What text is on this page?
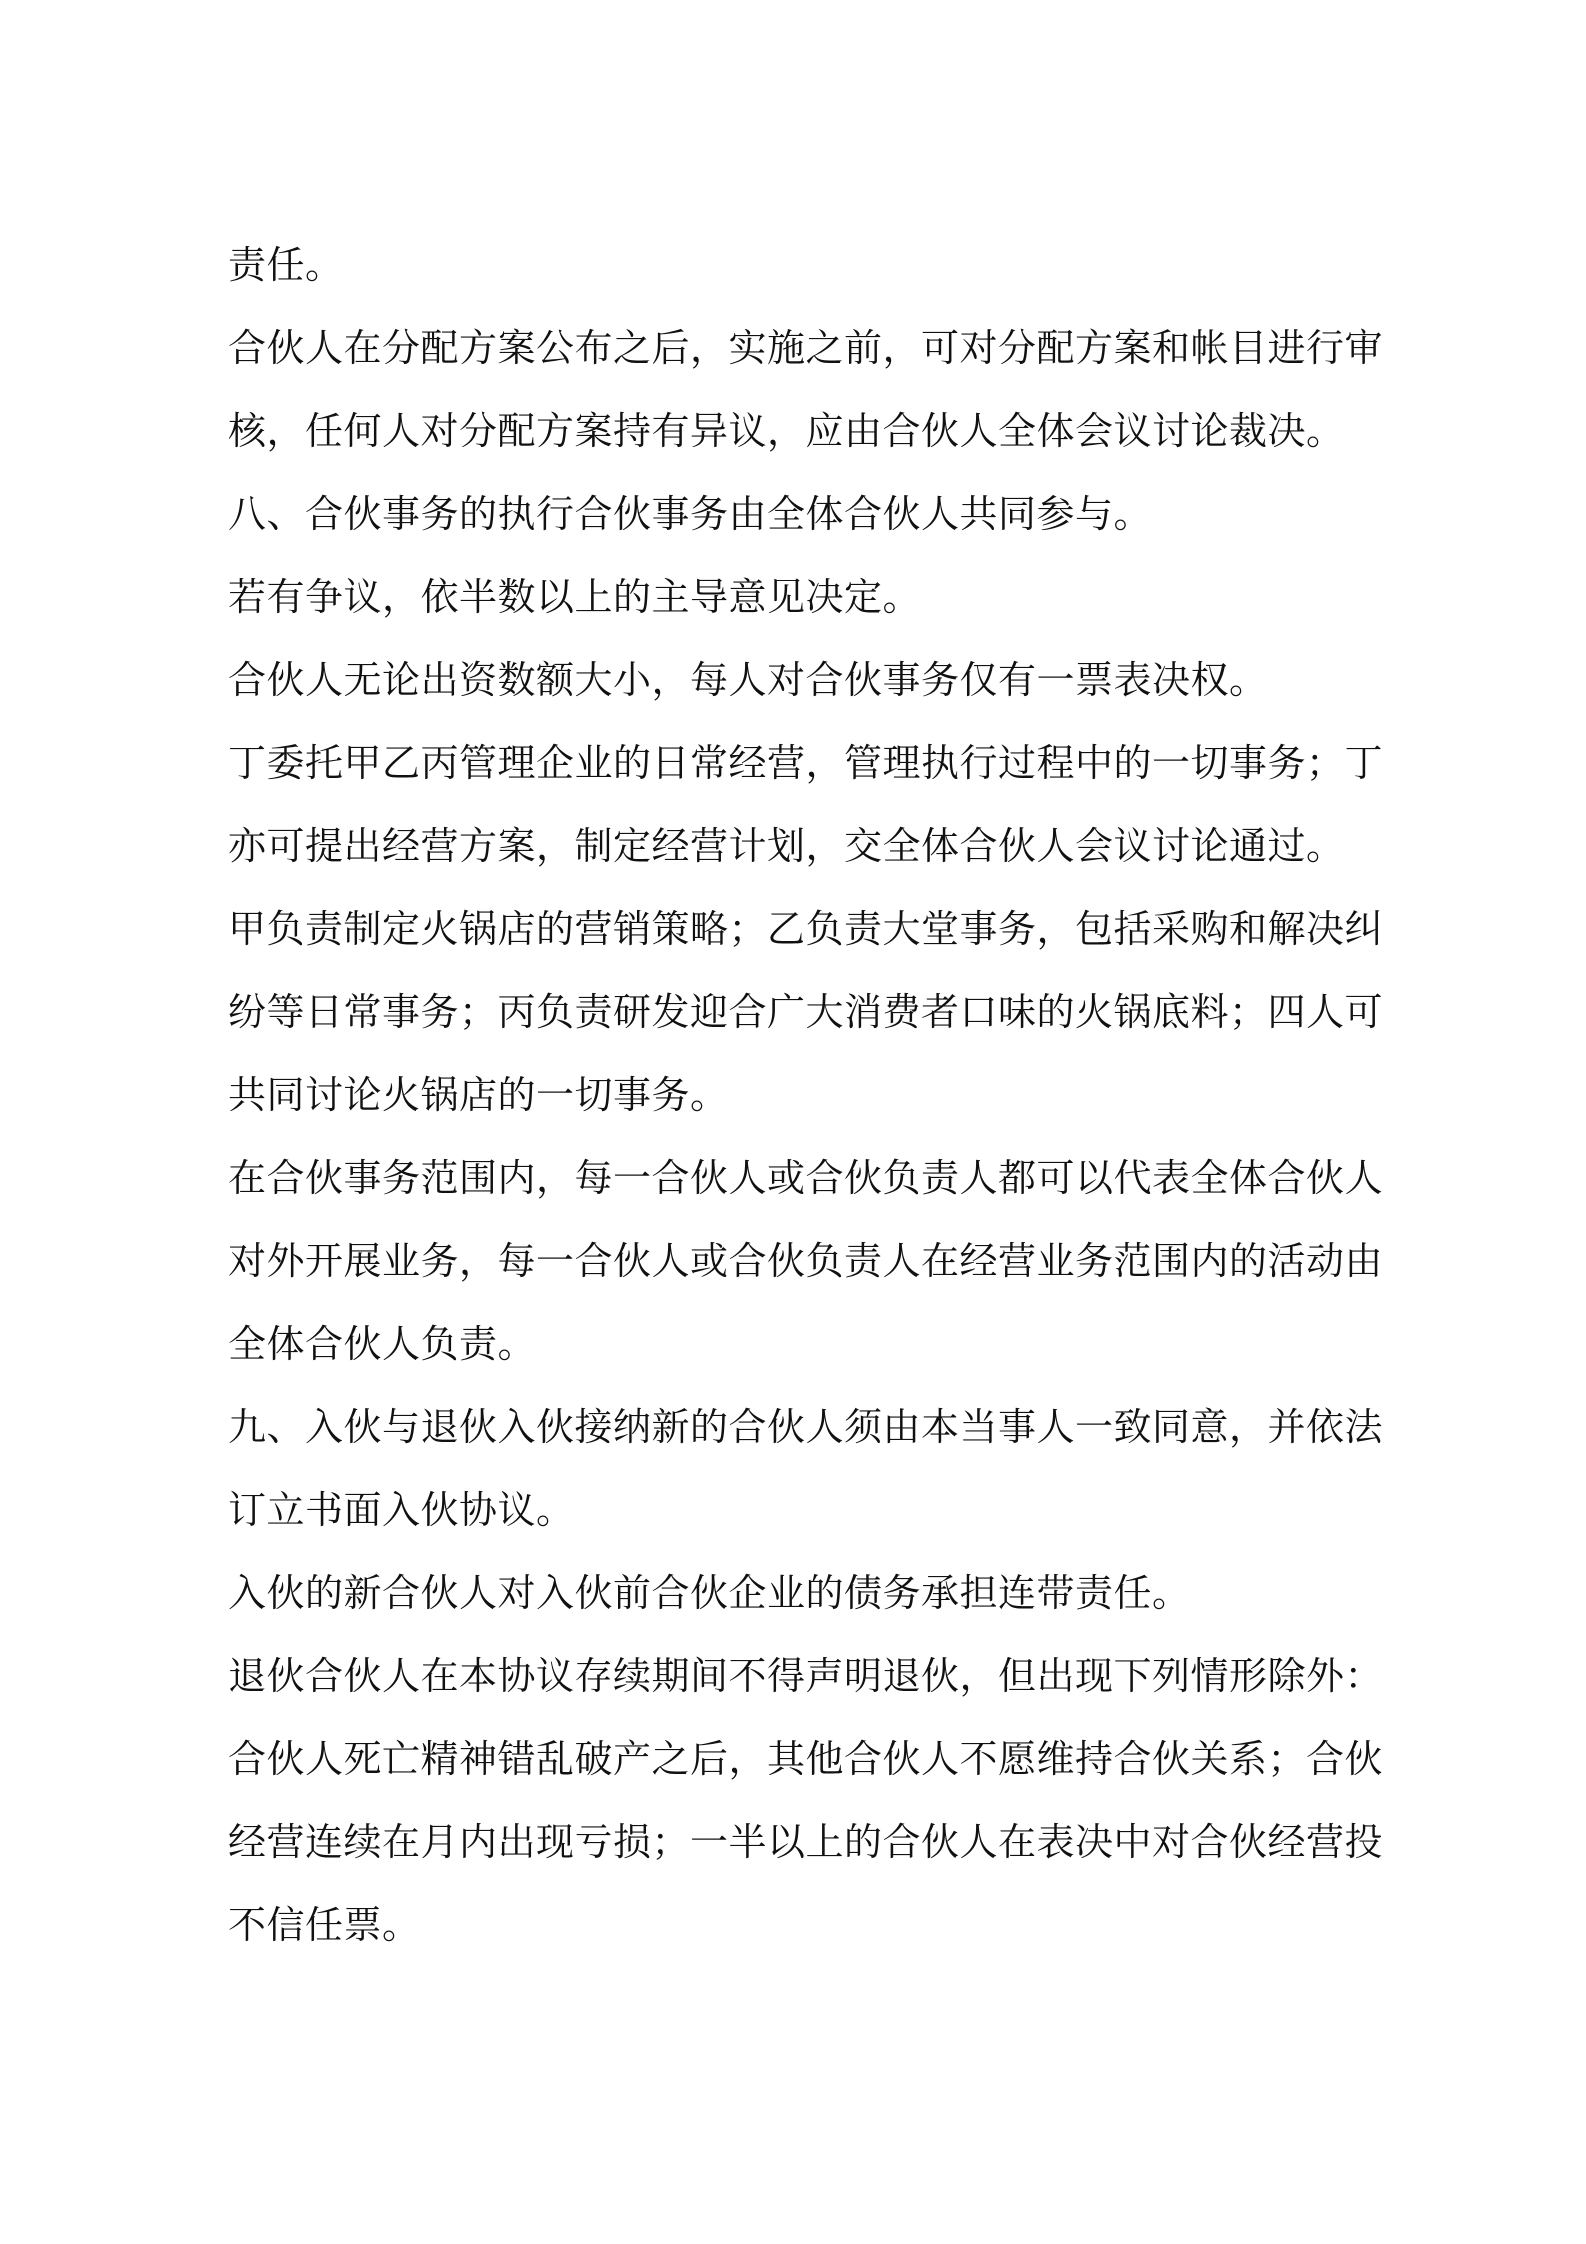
责任。
合伙人在分配方案公布之后，实施之前，可对分配方案和帐目进行审
核，任何人对分配方案持有异议，应由合伙人全体会议讨论裁决。
八、合伙事务的执行合伙事务由全体合伙人共同参与。
若有争议，依半数以上的主导意见决定。
合伙人无论出资数额大小，每人对合伙事务仅有一票表决权。
丁委托甲乙丙管理企业的日常经营，管理执行过程中的一切事务；丁
亦可提出经营方案，制定经营计划，交全体合伙人会议讨论通过。
甲负责制定火锅店的营销策略；乙负责大堂事务，包括采购和解决纠
纷等日常事务；丙负责研发迎合广大消费者口味的火锅底料；四人可
共同讨论火锅店的一切事务。
在合伙事务范围内，每一合伙人或合伙负责人都可以代表全体合伙人
对外开展业务，每一合伙人或合伙负责人在经营业务范围内的活动由
全体合伙人负责。
九、入伙与退伙入伙接纳新的合伙人须由本当事人一致同意，并依法
订立书面入伙协议。
入伙的新合伙人对入伙前合伙企业的债务承担连带责任。
退伙合伙人在本协议存续期间不得声明退伙，但出现下列情形除外：
合伙人死亡精神错乱破产之后，其他合伙人不愿维持合伙关系；合伙
经营连续在月内出现亏损；一半以上的合伙人在表决中对合伙经营投
不信任票。
